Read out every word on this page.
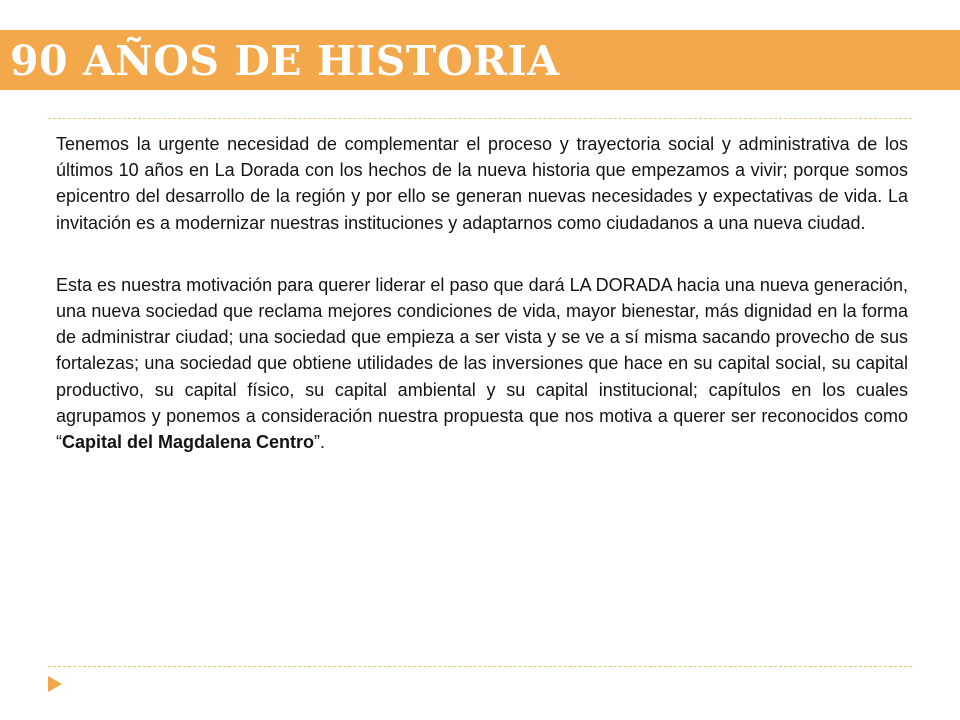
90 AÑOS DE HISTORIA

Tenemos la urgente necesidad de complementar el proceso y trayectoria social y administrativa de los últimos 10 años en La Dorada con los hechos de la nueva historia que empezamos a vivir; porque somos epicentro del desarrollo de la región y por ello se generan nuevas necesidades y expectativas de vida. La invitación es a modernizar nuestras instituciones y adaptarnos como ciudadanos a una nueva ciudad.

Esta es nuestra motivación para querer liderar el paso que dará LA DORADA hacia una nueva generación, una nueva sociedad que reclama mejores condiciones de vida, mayor bienestar, más dignidad en la forma de administrar ciudad; una sociedad que empieza a ser vista y se ve a sí misma sacando provecho de sus fortalezas; una sociedad que obtiene utilidades de las inversiones que hace en su capital social, su capital productivo, su capital físico, su capital ambiental y su capital institucional; capítulos en los cuales agrupamos y ponemos a consideración nuestra propuesta que nos motiva a querer ser reconocidos como “Capital del Magdalena Centro”.
